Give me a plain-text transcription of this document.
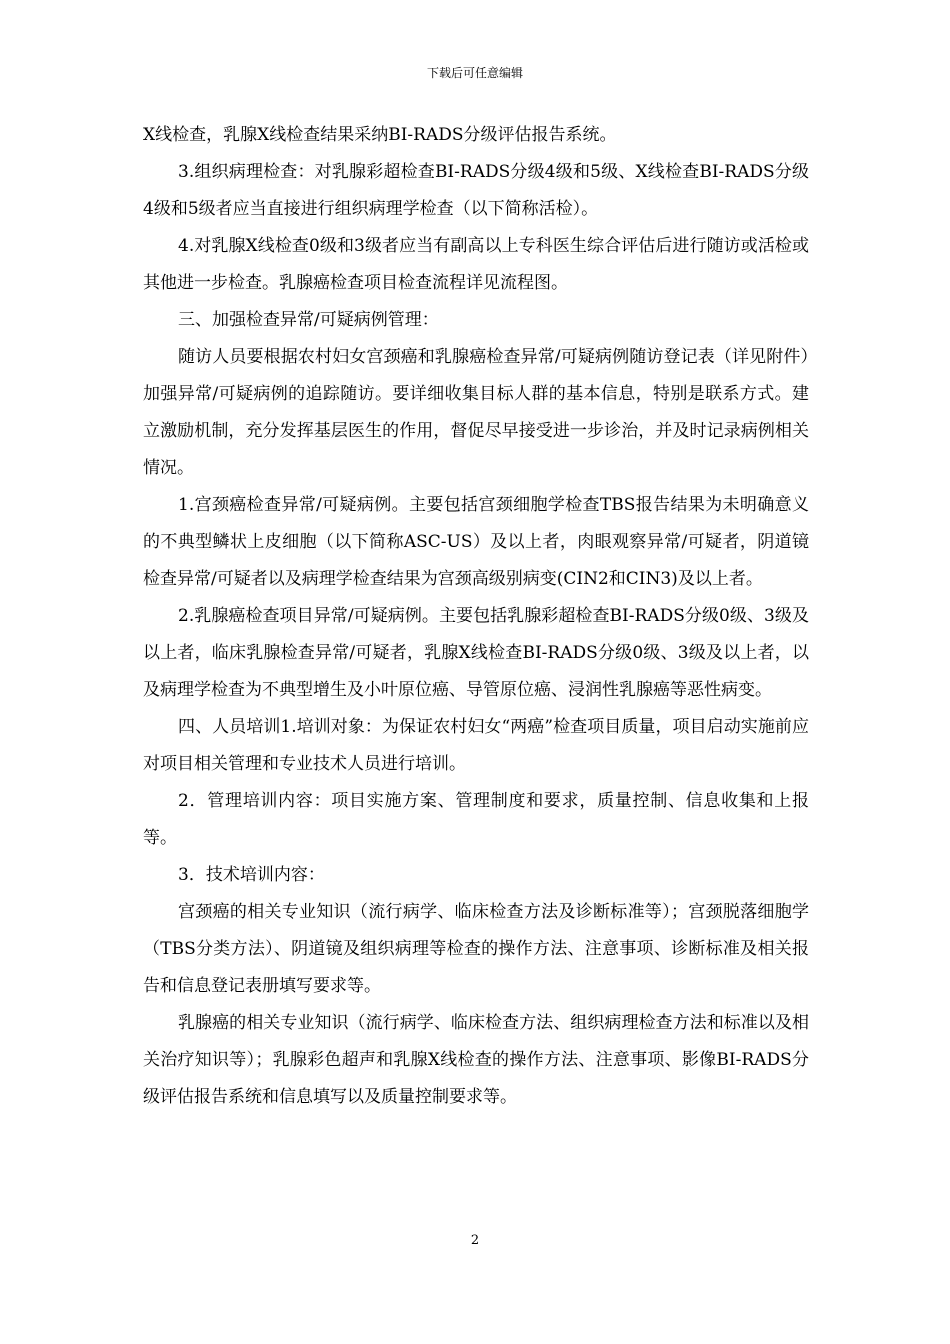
下载后可任意编辑

X线检查，乳腺X线检查结果采纳BI-RADS分级评估报告系统。

3.组织病理检查：对乳腺彩超检查BI-RADS分级4级和5级、X线检查BI-RADS分级4级和5级者应当直接进行组织病理学检查（以下简称活检）。

4.对乳腺X线检查0级和3级者应当有副高以上专科医生综合评估后进行随访或活检或其他进一步检查。乳腺癌检查项目检查流程详见流程图。

三、加强检查异常/可疑病例管理：

随访人员要根据农村妇女宫颈癌和乳腺癌检查异常/可疑病例随访登记表（详见附件）加强异常/可疑病例的追踪随访。要详细收集目标人群的基本信息，特别是联系方式。建立激励机制，充分发挥基层医生的作用，督促尽早接受进一步诊治，并及时记录病例相关情况。

1.宫颈癌检查异常/可疑病例。主要包括宫颈细胞学检查TBS报告结果为未明确意义的不典型鳞状上皮细胞（以下简称ASC-US）及以上者，肉眼观察异常/可疑者，阴道镜检查异常/可疑者以及病理学检查结果为宫颈高级别病变(CIN2和CIN3)及以上者。

2.乳腺癌检查项目异常/可疑病例。主要包括乳腺彩超检查BI-RADS分级0级、3级及以上者，临床乳腺检查异常/可疑者，乳腺X线检查BI-RADS分级0级、3级及以上者，以及病理学检查为不典型增生及小叶原位癌、导管原位癌、浸润性乳腺癌等恶性病变。

四、人员培训1.培训对象：为保证农村妇女“两癌”检查项目质量，项目启动实施前应对项目相关管理和专业技术人员进行培训。

2．管理培训内容：项目实施方案、管理制度和要求，质量控制、信息收集和上报等。

3．技术培训内容：

宫颈癌的相关专业知识（流行病学、临床检查方法及诊断标准等）；宫颈脱落细胞学（TBS分类方法）、阴道镜及组织病理等检查的操作方法、注意事项、诊断标准及相关报告和信息登记表册填写要求等。

乳腺癌的相关专业知识（流行病学、临床检查方法、组织病理检查方法和标准以及相关治疗知识等）；乳腺彩色超声和乳腺X线检查的操作方法、注意事项、影像BI-RADS分级评估报告系统和信息填写以及质量控制要求等。

2
